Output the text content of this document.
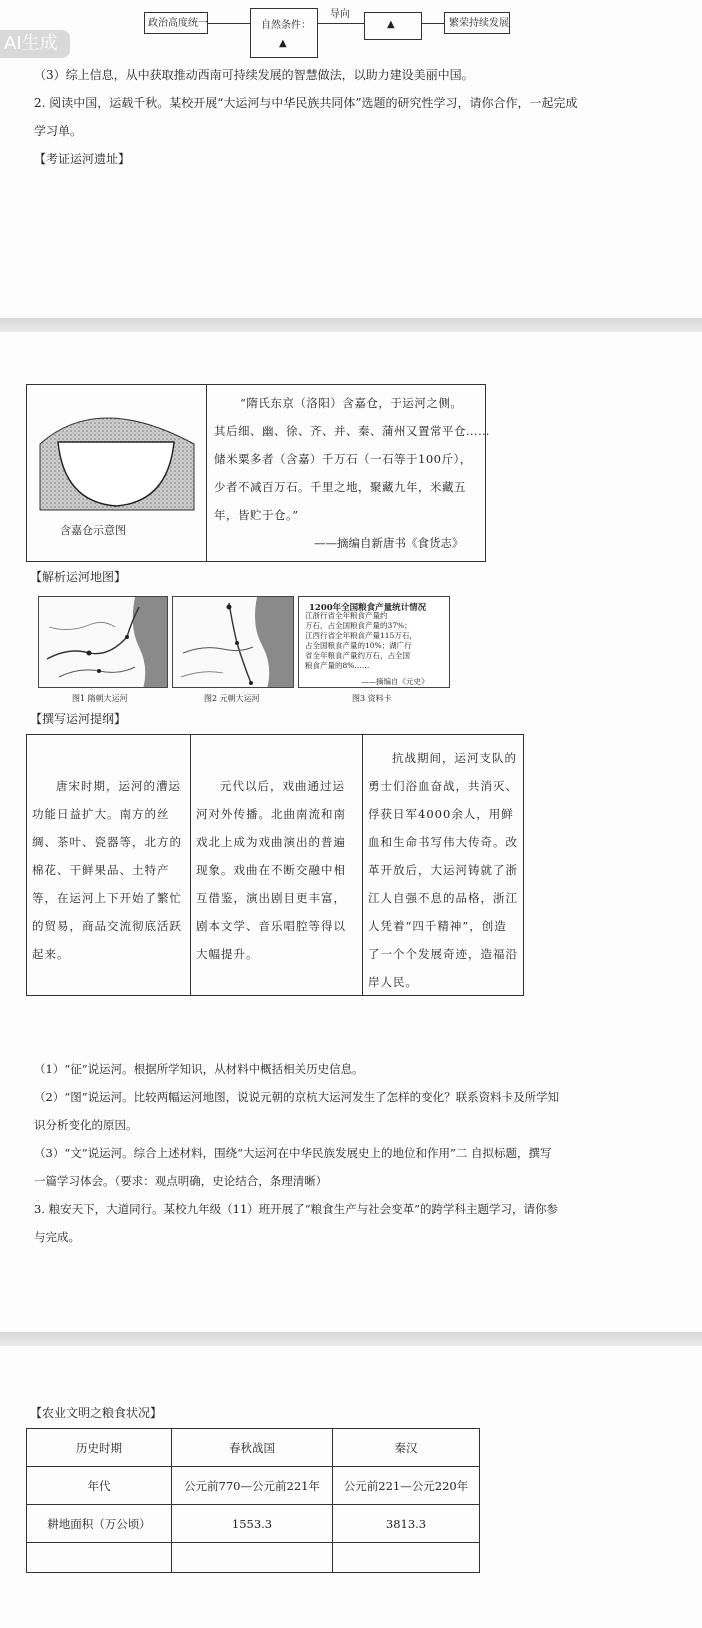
政治高度统一	自然条件：
▲
导向
▲	繁荣持续发展
AI生成
（3）综上信息，从中获取推动西南可持续发展的智慧做法，以助力建设美丽中国。
2. 阅读中国，运载千秋。某校开展“大运河与中华民族共同体”选题的研究性学习，请你合作，一起完成
学习单。
【考证运河遗址】
含嘉仓示意图
“隋氏东京（洛阳）含嘉仓，于运河之侧。
其后细、幽、徐、齐、并、秦、蒲州又置常平仓……
储米粟多者（含嘉）千万石（一石等于100斤），
少者不减百万石。千里之地，聚藏九年，米藏五
年，皆贮于仓。”
——摘编自新唐书《食货志》
【解析运河地图】
1200年全国粮食产量统计情况
江浙行省全年粮食产量约
万石，占全国粮食产量的37%；
江西行省全年粮食产量115万石，
占全国粮食产量的10%；湖广行
省全年粮食产量约万石，占全国
粮食产量的8%……
——摘编自《元史》
图1 隋朝大运河	图2 元朝大运河	图3 资料卡
【撰写运河提纲】
唐宋时期，运河的漕运功能日益扩大。南方的丝绸、茶叶、瓷器等，北方的棉花、干鲜果品、土特产等，在运河上下开始了繁忙的贸易，商品交流彻底活跃起来。
元代以后，戏曲通过运河对外传播。北曲南流和南戏北上成为戏曲演出的普遍现象。戏曲在不断交融中相互借鉴，演出剧目更丰富，剧本文学、音乐唱腔等得以大幅提升。
抗战期间，运河支队的勇士们浴血奋战，共消灭、俘获日军4000余人，用鲜血和生命书写伟大传奇。改革开放后，大运河铸就了浙江人自强不息的品格，浙江人凭着“四千精神”，创造了一个个发展奇迹，造福沿岸人民。
（1）“征”说运河。根据所学知识，从材料中概括相关历史信息。
（2）“图”说运河。比较两幅运河地图，说说元朝的京杭大运河发生了怎样的变化？联系资料卡及所学知
识分析变化的原因。
（3）“文”说运河。综合上述材料，围绕“大运河在中华民族发展史上的地位和作用”二 自拟标题，撰写
一篇学习体会。（要求：观点明确，史论结合，条理清晰）
3. 粮安天下，大道同行。某校九年级（11）班开展了“粮食生产与社会变革”的跨学科主题学习，请你参
与完成。
【农业文明之粮食状况】
历史时期	春秋战国	秦汉
年代	公元前770—公元前221年	公元前221—公元220年
耕地面积（万公顷）	1553.3	3813.3
